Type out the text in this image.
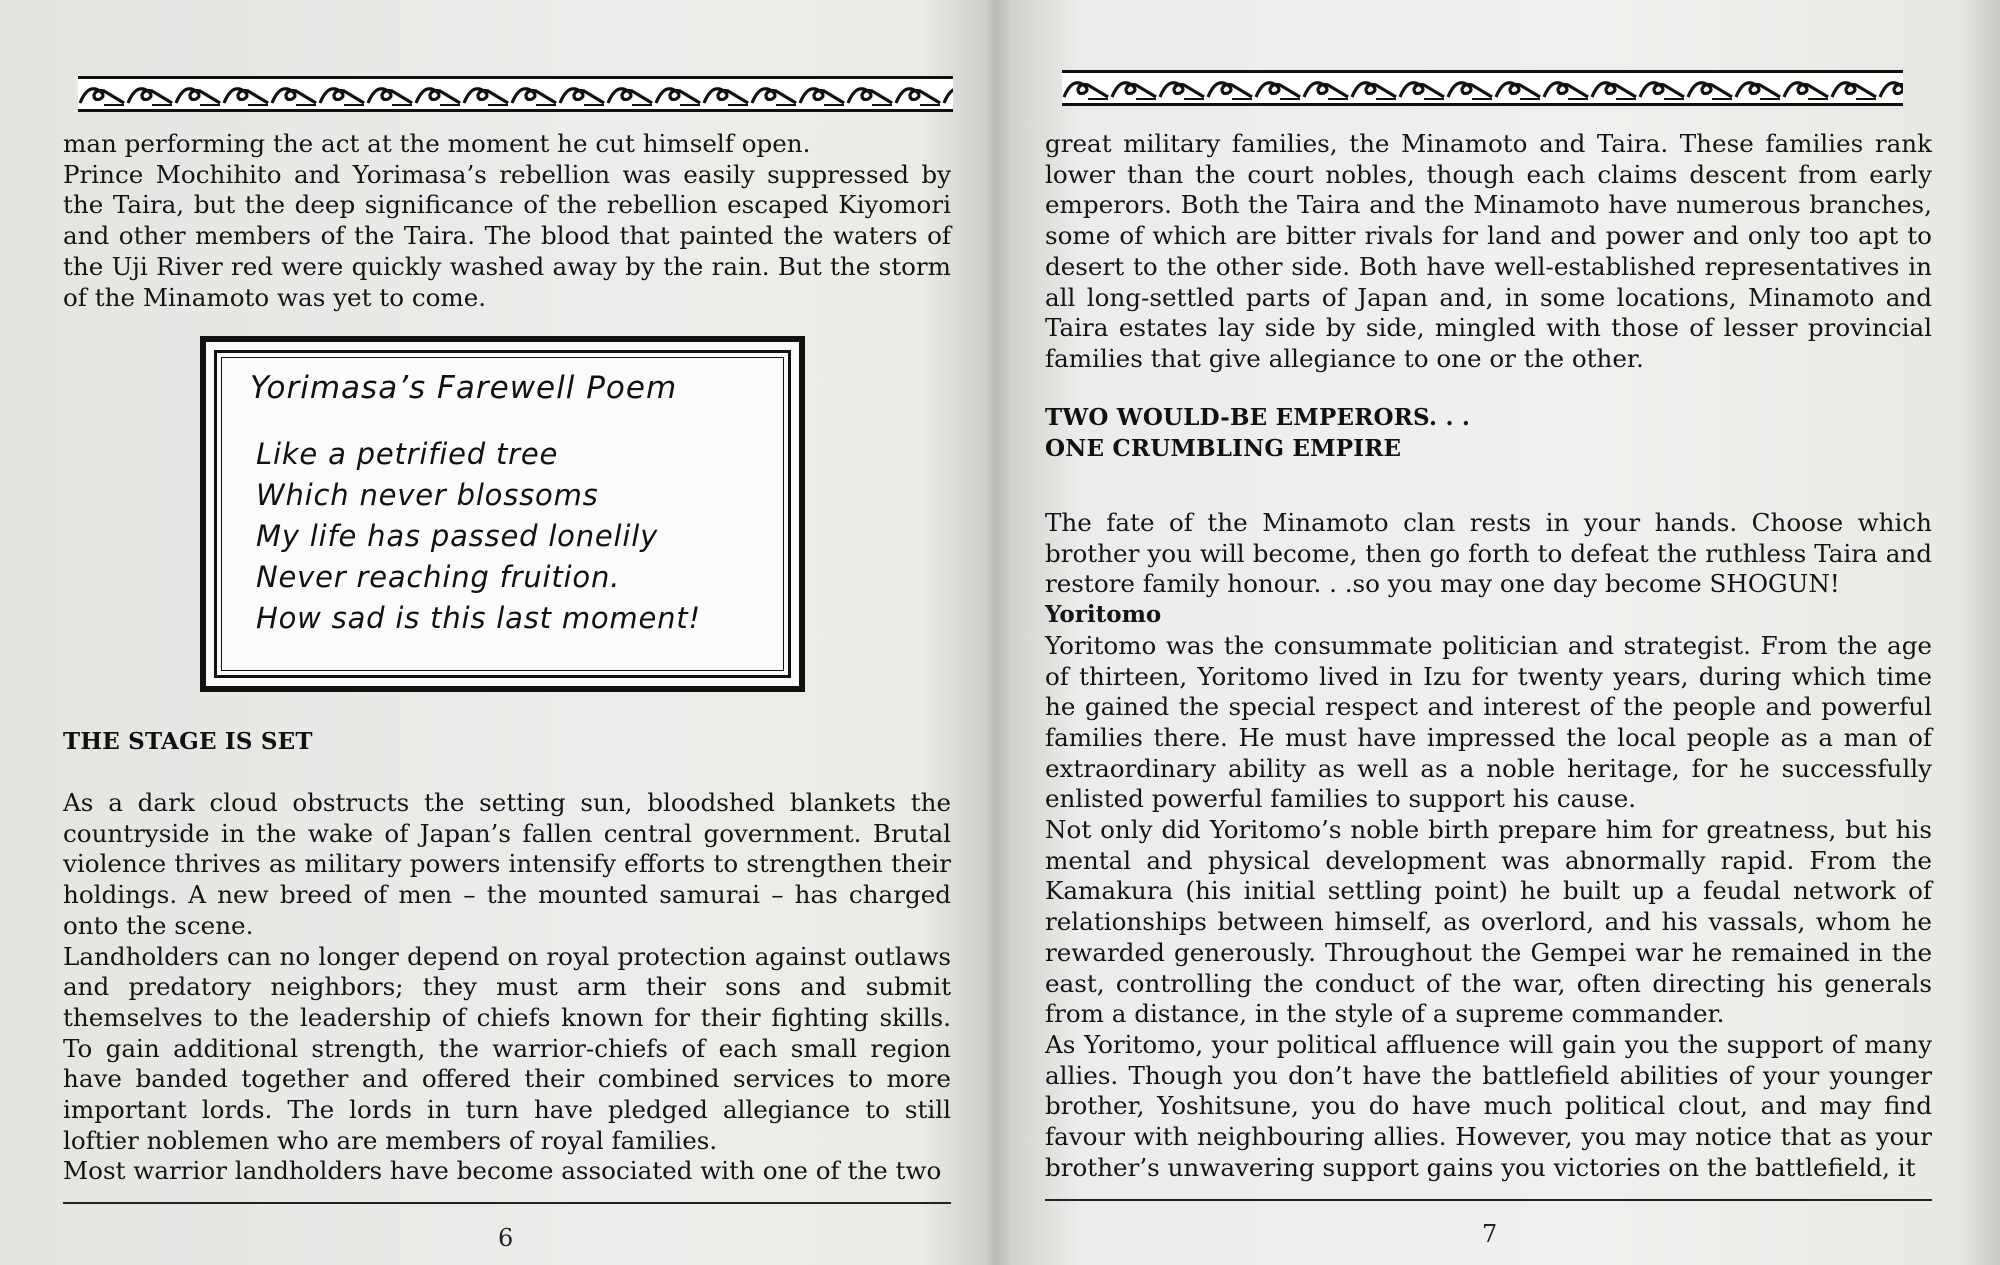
man performing the act at the moment he cut himself open.

Prince Mochihito and Yorimasa’s rebellion was easily suppressed by the Taira, but the deep significance of the rebellion escaped Kiyomori and other members of the Taira. The blood that painted the waters of the Uji River red were quickly washed away by the rain. But the storm of the Minamoto was yet to come.

Yorimasa’s Farewell Poem
Like a petrified tree
Which never blossoms
My life has passed lonelily
Never reaching fruition.
How sad is this last moment!
THE STAGE IS SET

As a dark cloud obstructs the setting sun, bloodshed blankets the countryside in the wake of Japan’s fallen central government. Brutal violence thrives as military powers intensify efforts to strengthen their holdings. A new breed of men – the mounted samurai – has charged onto the scene.

Landholders can no longer depend on royal protection against outlaws and predatory neighbors; they must arm their sons and submit themselves to the leadership of chiefs known for their fighting skills. To gain additional strength, the warrior-chiefs of each small region have banded together and offered their combined services to more important lords. The lords in turn have pledged allegiance to still loftier noblemen who are members of royal families.

Most warrior landholders have become associated with one of the two

6

great military families, the Minamoto and Taira. These families rank lower than the court nobles, though each claims descent from early emperors. Both the Taira and the Minamoto have numerous branches, some of which are bitter rivals for land and power and only too apt to desert to the other side. Both have well-established representatives in all long-settled parts of Japan and, in some locations, Minamoto and Taira estates lay side by side, mingled with those of lesser provincial families that give allegiance to one or the other.

TWO WOULD-BE EMPERORS. . .
ONE CRUMBLING EMPIRE

The fate of the Minamoto clan rests in your hands. Choose which brother you will become, then go forth to defeat the ruthless Taira and restore family honour. . .so you may one day become SHOGUN!

Yoritomo

Yoritomo was the consummate politician and strategist. From the age of thirteen, Yoritomo lived in Izu for twenty years, during which time he gained the special respect and interest of the people and powerful families there. He must have impressed the local people as a man of extraordinary ability as well as a noble heritage, for he successfully enlisted powerful families to support his cause.

Not only did Yoritomo’s noble birth prepare him for greatness, but his mental and physical development was abnormally rapid. From the Kamakura (his initial settling point) he built up a feudal network of relationships between himself, as overlord, and his vassals, whom he rewarded generously. Throughout the Gempei war he remained in the east, controlling the conduct of the war, often directing his generals from a distance, in the style of a supreme commander.

As Yoritomo, your political affluence will gain you the support of many allies. Though you don’t have the battlefield abilities of your younger brother, Yoshitsune, you do have much political clout, and may find favour with neighbouring allies. However, you may notice that as your brother’s unwavering support gains you victories on the battlefield, it

7
